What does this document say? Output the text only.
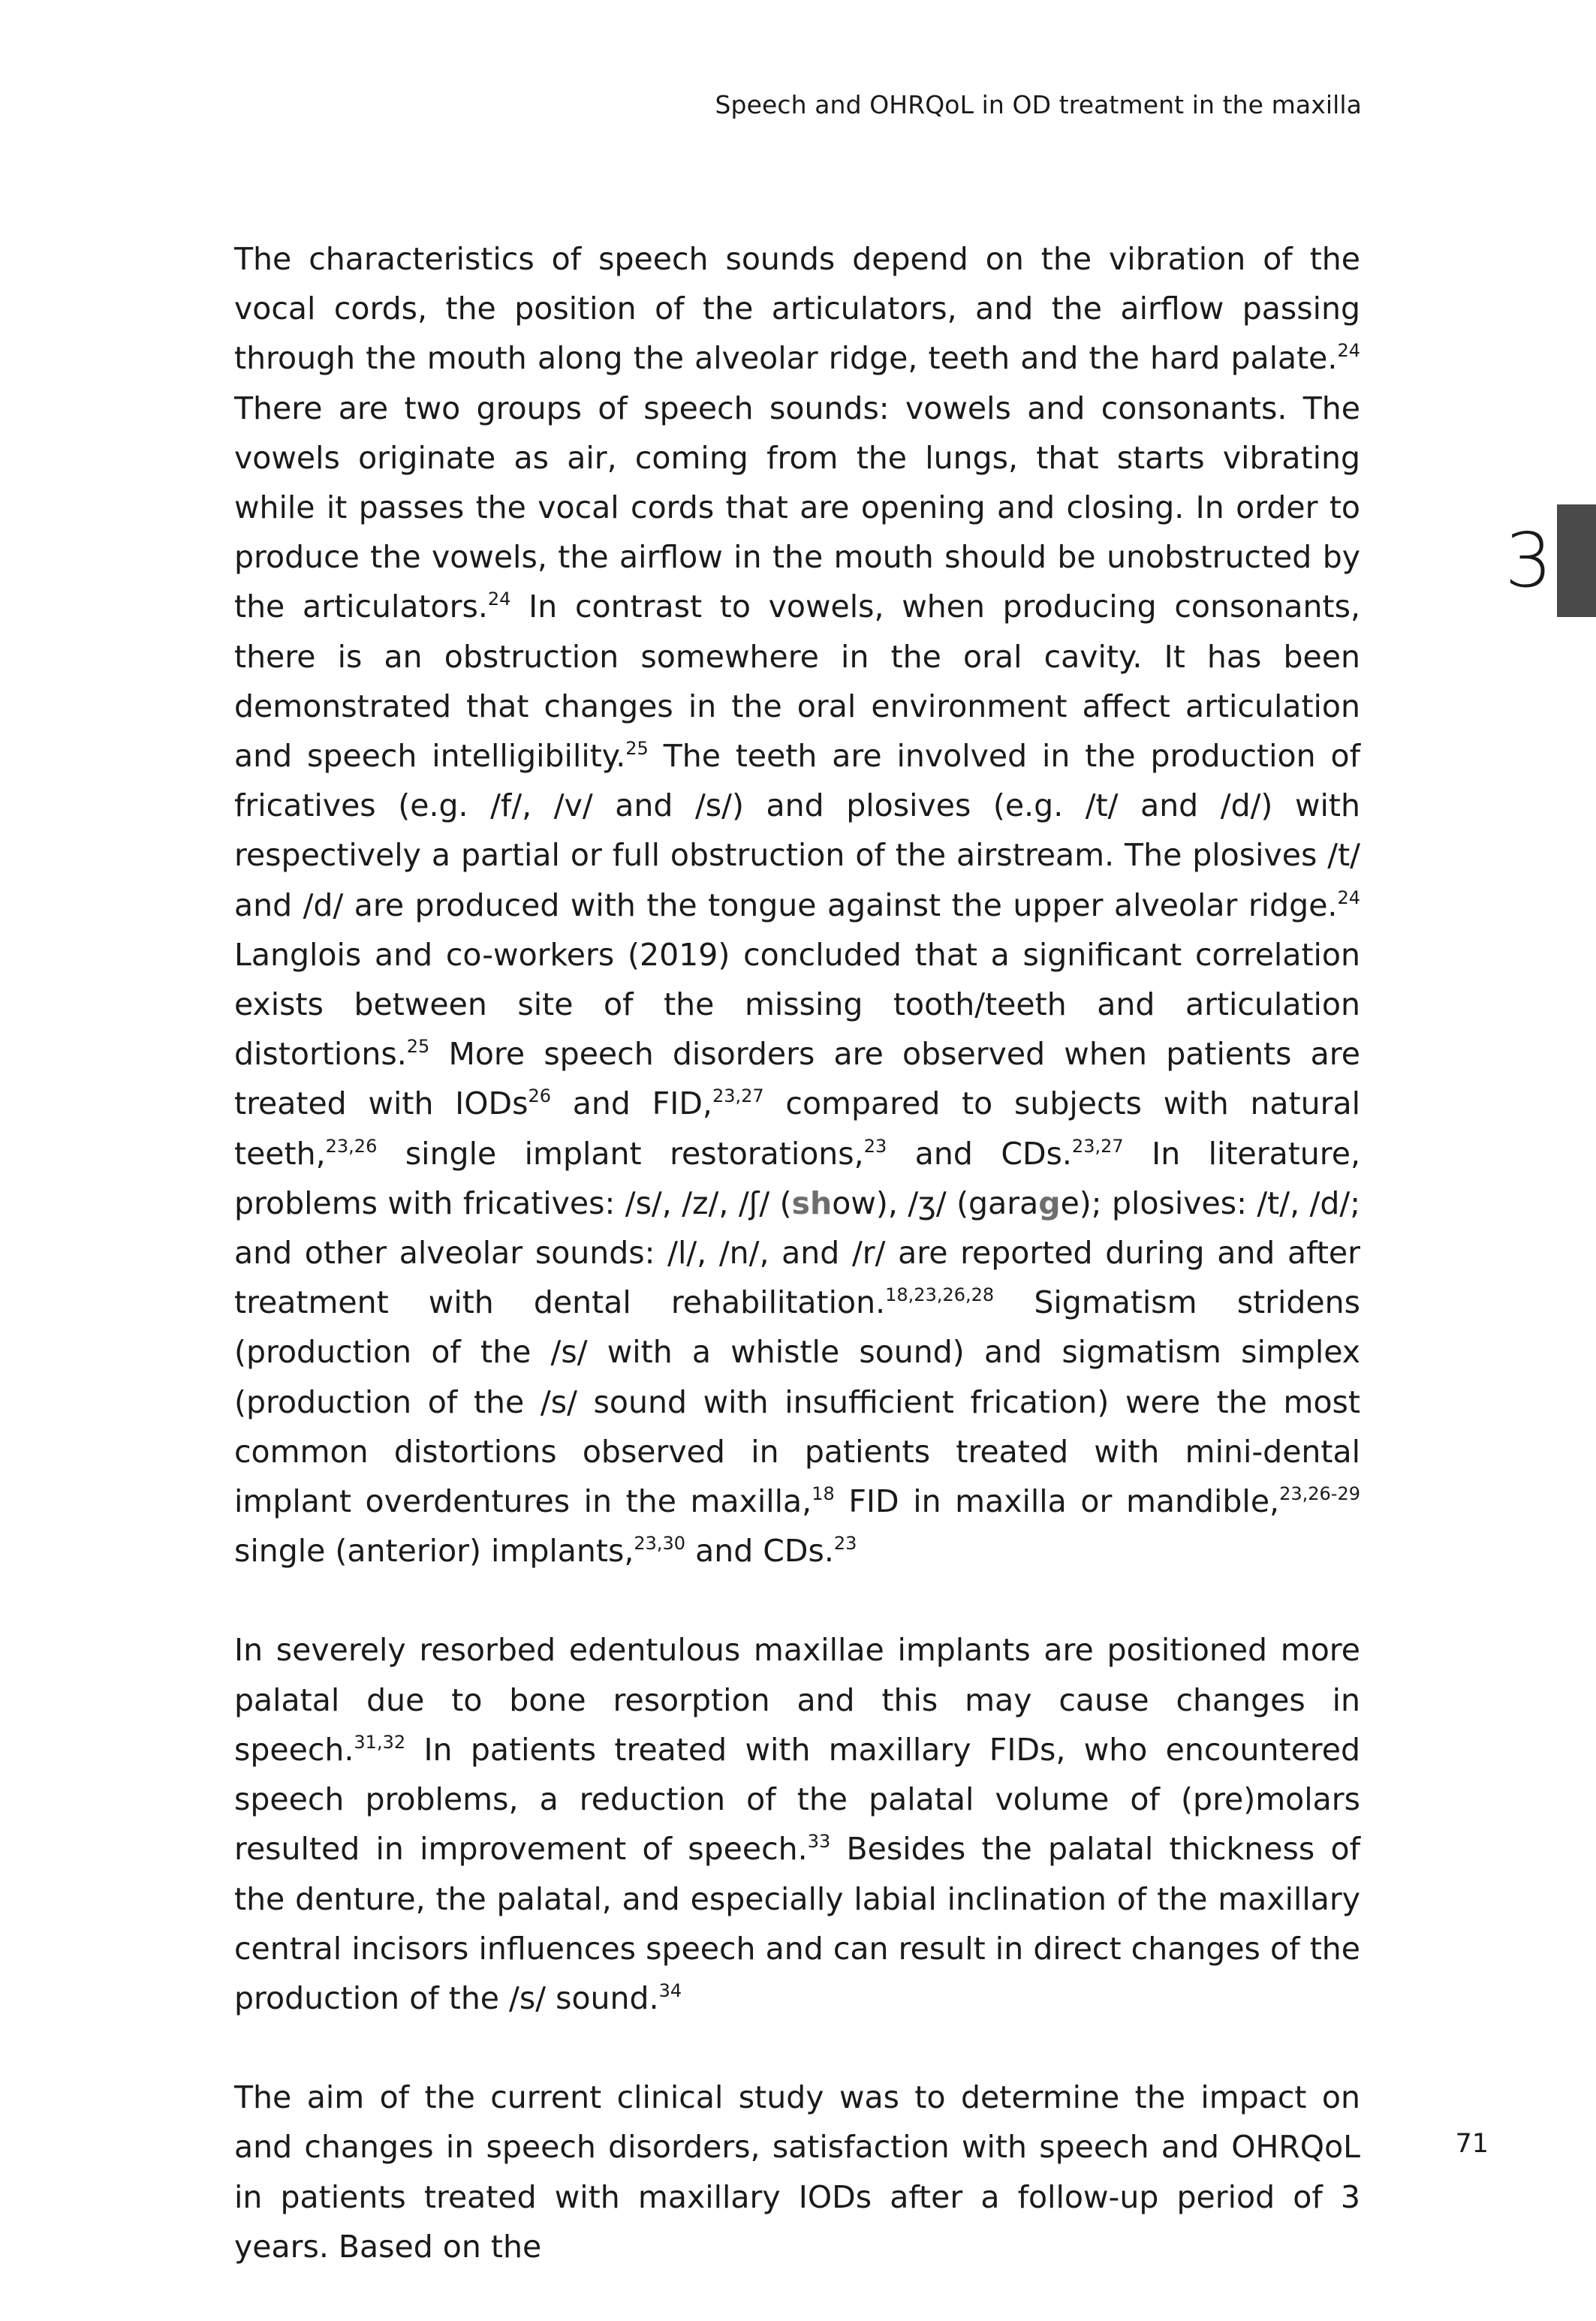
Speech and OHRQoL in OD treatment in the maxilla
3

The characteristics of speech sounds depend on the vibration of the vocal cords, the position of the articulators, and the airflow passing through the mouth along the alveolar ridge, teeth and the hard palate.$^{24}$ There are two groups of speech sounds: vowels and consonants. The vowels originate as air, coming from the lungs, that starts vibrating while it passes the vocal cords that are opening and closing. In order to produce the vowels, the airflow in the mouth should be unobstructed by the articulators.$^{24}$ In contrast to vowels, when producing consonants, there is an obstruction somewhere in the oral cavity. It has been demonstrated that changes in the oral environment affect articulation and speech intelligibility.$^{25}$ The teeth are involved in the production of fricatives (e.g. /f/, /v/ and /s/) and plosives (e.g. /t/ and /d/) with respectively a partial or full obstruction of the airstream. The plosives /t/ and /d/ are produced with the tongue against the upper alveolar ridge.$^{24}$ Langlois and co-workers (2019) concluded that a significant correlation exists between site of the missing tooth/teeth and articulation distortions.$^{25}$ More speech disorders are observed when patients are treated with IODs$^{26}$ and FID,$^{23,27}$ compared to subjects with natural teeth,$^{23,26}$ single implant restorations,$^{23}$ and CDs.$^{23,27}$ In literature, problems with fricatives: /s/, /z/, /ʃ/ (show), /ʒ/ (garage); plosives: /t/, /d/; and other alveolar sounds: /l/, /n/, and /r/ are reported during and after treatment with dental rehabilitation.$^{18,23,26,28}$ Sigmatism stridens (production of the /s/ with a whistle sound) and sigmatism simplex (production of the /s/ sound with insufficient frication) were the most common distortions observed in patients treated with mini-dental implant overdentures in the maxilla,$^{18}$ FID in maxilla or mandible,$^{23,26-29}$ single (anterior) implants,$^{23,30}$ and CDs.$^{23}$

In severely resorbed edentulous maxillae implants are positioned more palatal due to bone resorption and this may cause changes in speech.$^{31,32}$ In patients treated with maxillary FIDs, who encountered speech problems, a reduction of the palatal volume of (pre)molars resulted in improvement of speech.$^{33}$ Besides the palatal thickness of the denture, the palatal, and especially labial inclination of the maxillary central incisors influences speech and can result in direct changes of the production of the /s/ sound.$^{34}$

The aim of the current clinical study was to determine the impact on and changes in speech disorders, satisfaction with speech and OHRQoL in patients treated with maxillary IODs after a follow-up period of 3 years. Based on the

71
